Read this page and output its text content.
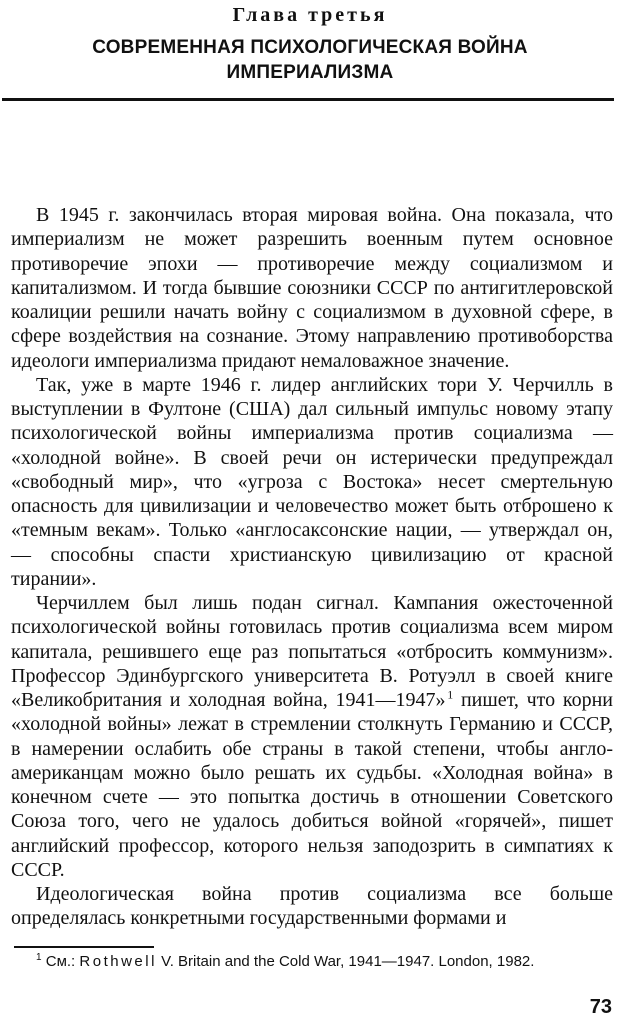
Глава третья
СОВРЕМЕННАЯ ПСИХОЛОГИЧЕСКАЯ ВОЙНА
ИМПЕРИАЛИЗМА

В 1945 г. закончилась вторая мировая война. Она показала, что империализм не может разрешить военным путем основное противоречие эпохи — противоречие между социализмом и капитализмом. И тогда бывшие союзники СССР по антигитлеровской коалиции решили начать войну с социализмом в духовной сфере, в сфере воздействия на сознание. Этому направлению противоборства идеологи империализма придают немаловажное значение.

Так, уже в марте 1946 г. лидер английских тори У. Черчилль в выступлении в Фултоне (США) дал сильный импульс новому этапу психологической войны империализма против социализма — «холодной войне». В своей речи он истерически предупреждал «свободный мир», что «угроза с Востока» несет смертельную опасность для цивилизации и человечество может быть отброшено к «темным векам». Только «англосаксонские нации, — утверждал он, — способны спасти христианскую цивилизацию от красной тирании».

Черчиллем был лишь подан сигнал. Кампания ожесточенной психологической войны готовилась против социализма всем миром капитала, решившего еще раз попытаться «отбросить коммунизм». Профессор Эдинбургского университета В. Ротуэлл в своей книге «Великобритания и холодная война, 1941—1947»  $^1$ пишет, что корни «холодной войны» лежат в стремлении столкнуть Германию и СССР, в намерении ослабить обе страны в такой степени, чтобы англо-американцам можно было решать их судьбы. «Холодная война» в конечном счете — это попытка достичь в отношении Советского Союза того, чего не удалось добиться войной «горячей», пишет английский профессор, которого нельзя заподозрить в симпатиях к СССР.

Идеологическая война против социализма все больше определялась конкретными государственными формами и

$^1$ См.: Rothwell V. Britain and the Cold War, 1941—1947. London, 1982.

73
